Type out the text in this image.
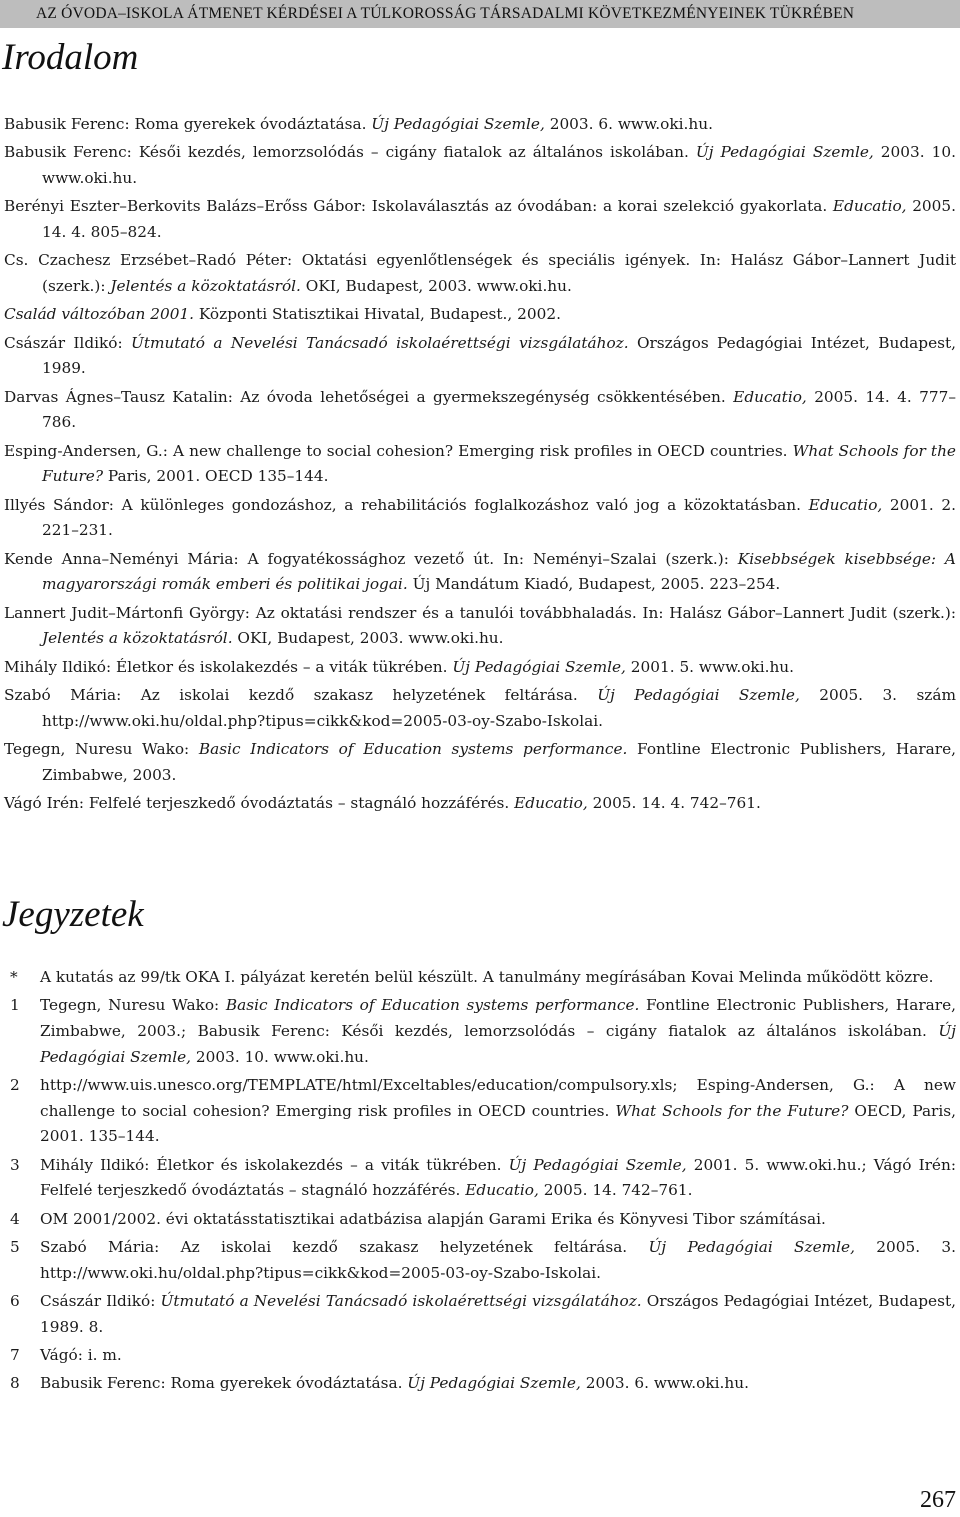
AZ ÓVODA–ISKOLA ÁTMENET KÉRDÉSEI A TÚLKOROSSÁG TÁRSADALMI KÖVETKEZMÉNYEINEK TÜKRÉBEN
Irodalom

Babusik Ferenc: Roma gyerekek óvodáztatása. Új Pedagógiai Szemle, 2003. 6. www.oki.hu.

Babusik Ferenc: Késői kezdés, lemorzsolódás – cigány fiatalok az általános iskolában. Új Pedagógiai Szemle, 2003. 10. www.oki.hu.

Berényi Eszter–Berkovits Balázs–Erőss Gábor: Iskolaválasztás az óvodában: a korai szelekció gyakorlata. Educatio, 2005. 14. 4. 805–824.

Cs. Czachesz Erzsébet–Radó Péter: Oktatási egyenlőtlenségek és speciális igények. In: Halász Gábor–Lannert Judit (szerk.): Jelentés a közoktatásról. OKI, Budapest, 2003. www.oki.hu.

Család változóban 2001. Központi Statisztikai Hivatal, Budapest., 2002.

Császár Ildikó: Útmutató a Nevelési Tanácsadó iskolaérettségi vizsgálatához. Országos Pedagógiai Intézet, Budapest, 1989.

Darvas Ágnes–Tausz Katalin: Az óvoda lehetőségei a gyermekszegénység csökkentésében. Educatio, 2005. 14. 4. 777–786.

Esping-Andersen, G.: A new challenge to social cohesion? Emerging risk profiles in OECD countries. What Schools for the Future? Paris, 2001. OECD 135–144.

Illyés Sándor: A különleges gondozáshoz, a rehabilitációs foglalkozáshoz való jog a közoktatásban. Educatio, 2001. 2. 221–231.

Kende Anna–Neményi Mária: A fogyatékossághoz vezető út. In: Neményi–Szalai (szerk.): Kisebbségek kisebbsége: A magyarországi romák emberi és politikai jogai. Új Mandátum Kiadó, Budapest, 2005. 223–254.

Lannert Judit–Mártonfi György: Az oktatási rendszer és a tanulói továbbhaladás. In: Halász Gábor–Lannert Judit (szerk.): Jelentés a közoktatásról. OKI, Budapest, 2003. www.oki.hu.

Mihály Ildikó: Életkor és iskolakezdés – a viták tükrében. Új Pedagógiai Szemle, 2001. 5. www.oki.hu.

Szabó Mária: Az iskolai kezdő szakasz helyzetének feltárása. Új Pedagógiai Szemle, 2005. 3. szám http://www.oki.hu/oldal.php?tipus=cikk&kod=2005-03-oy-Szabo-Iskolai.

Tegegn, Nuresu Wako: Basic Indicators of Education systems performance. Fontline Electronic Publishers, Harare, Zimbabwe, 2003.

Vágó Irén: Felfelé terjeszkedő óvodáztatás – stagnáló hozzáférés. Educatio, 2005. 14. 4. 742–761.

Jegyzetek

*	A kutatás az 99/tk OKA I. pályázat keretén belül készült. A tanulmány megírásában Kovai Melinda működött közre.

1	Tegegn, Nuresu Wako: Basic Indicators of Education systems performance. Fontline Electronic Publishers, Harare, Zimbabwe, 2003.; Babusik Ferenc: Késői kezdés, lemorzsolódás – cigány fiatalok az általános iskolában. Új Pedagógiai Szemle, 2003. 10. www.oki.hu.

2	http://www.uis.unesco.org/TEMPLATE/html/Exceltables/education/compulsory.xls; Esping-Andersen, G.: A new challenge to social cohesion? Emerging risk profiles in OECD countries. What Schools for the Future? OECD, Paris, 2001. 135–144.

3	Mihály Ildikó: Életkor és iskolakezdés – a viták tükrében. Új Pedagógiai Szemle, 2001. 5. www.oki.hu.; Vágó Irén: Felfelé terjeszkedő óvodáztatás – stagnáló hozzáférés. Educatio, 2005. 14. 742–761.

4	OM 2001/2002. évi oktatásstatisztikai adatbázisa alapján Garami Erika és Könyvesi Tibor számításai.

5	Szabó Mária: Az iskolai kezdő szakasz helyzetének feltárása. Új Pedagógiai Szemle, 2005. 3. http://www.oki.hu/oldal.php?tipus=cikk&kod=2005-03-oy-Szabo-Iskolai.

6	Császár Ildikó: Útmutató a Nevelési Tanácsadó iskolaérettségi vizsgálatához. Országos Pedagógiai Intézet, Budapest, 1989. 8.

7	Vágó: i. m.

8	Babusik Ferenc: Roma gyerekek óvodáztatása. Új Pedagógiai Szemle, 2003. 6. www.oki.hu.

267
